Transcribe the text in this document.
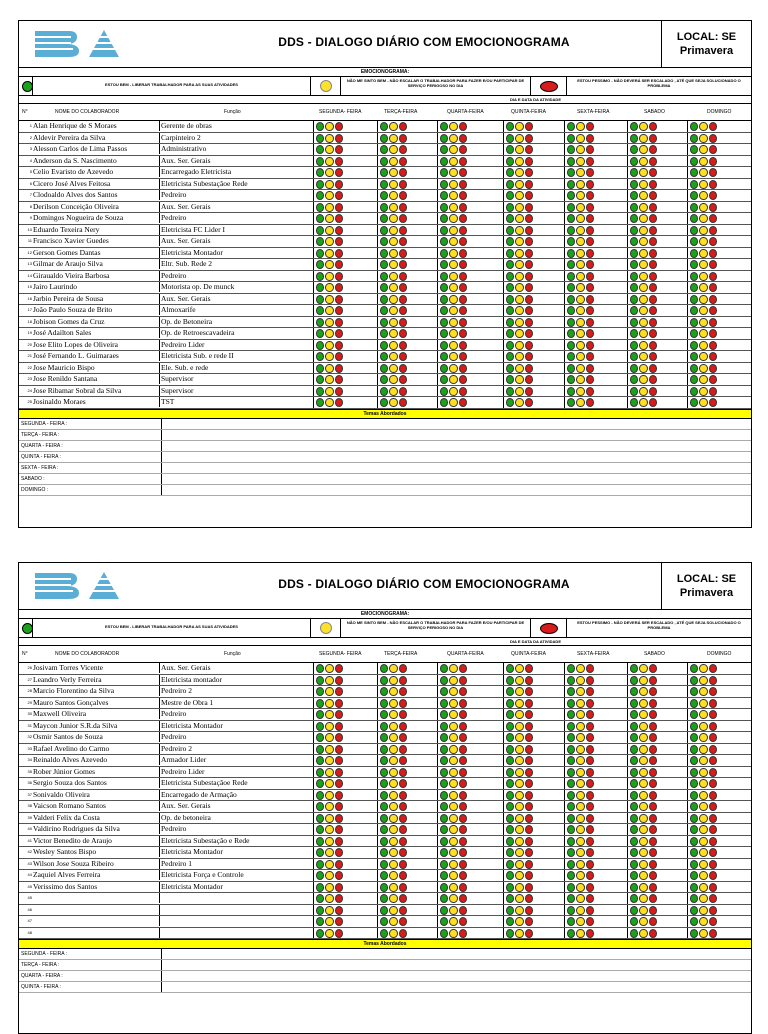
DDS - DIALOGO DIÁRIO COM EMOCIONOGRAMA	LOCAL: SE
Primavera
EMOCIONOGRAMA:
ESTOU BEM - LIBERAR TRABALHADOR PARA AS SUAS ATIVIDADES
NÃO ME SINTO BEM - NÃO ESCALAR O TRABALHADOR PARA FAZER E/OU PARTICIPAR DE SERVIÇO PERIGOSO NO DIA
ESTOU PESSIMO - NÃO DEVERÁ SER ESCALADO , ATÉ QUE SEJA SOLUCIONADO O PROBLEMA
DIA E DATA DA ATIVIDADE
N°	NOME DO COLABORADOR	Função	SEGUNDA- FEIRA	TERÇA-FEIRA	QUARTA-FEIRA	QUINTA-FEIRA	SEXTA-FEIRA	SABADO	DOMINGO
1 Alan Henrique de S Moraes	Gerente de obras
2 Aldevir Pereira da Silva	Carpinteiro 2
3 Alesson Carlos de Lima Passos	Administrativo
4 Anderson da S. Nascimento	Aux. Ser. Gerais
5 Celio Evaristo de Azevedo	Encarregado Eletricista
6 Cicero José Alves Feitosa	Eletricista Subestaçãoe Rede
7 Clodoaldo Alves dos Santos	Pedreiro
8 Derilson Conceição Oliveira	Aux. Ser. Gerais
9 Domingos Nogueira de Souza	Pedreiro
10 Eduardo Texeira Nery	Eletricista FC Lider I
11 Francisco Xavier Guedes	Aux. Ser. Gerais
12 Gerson Gomes Dantas	Eletricista Montador
13 Gilmar de Araujo Silva	Eltr. Sub. Rede 2
14 Giraualdo Vieira Barbosa	Pedreiro
15 Jairo Laurindo	Motorista op. De munck
16 Jarbio Pereira de Sousa	Aux. Ser. Gerais
17 João Paulo Souza de Brito	Almoxarife
18 Jobison Gomes da Cruz	Op. de Betoneira
19 José Adailton Sales	Op. de Retroescavadeira
20 Jose Elito Lopes de Oliveira	Pedreiro Lider
21 José Fernando L. Guimaraes	Eletricista Sub. e rede II
22 Jose Mauricio Bispo	Ele. Sub. e rede
23 Jose Renildo Santana	Supervisor
24 Jose Ribamar Sobral da Silva	Supervisor
25 Josinaldo Moraes	TST
Temas Abordados
SEGUNDA - FEIRA :
TERÇA - FEIRA :
QUARTA - FEIRA :
QUINTA - FEIRA :
SEXTA - FEIRA :
SABADO :
DOMINGO :
DDS - DIALOGO DIÁRIO COM EMOCIONOGRAMA	LOCAL: SE
Primavera
EMOCIONOGRAMA:
ESTOU BEM - LIBERAR TRABALHADOR PARA AS SUAS ATIVIDADES
NÃO ME SINTO BEM - NÃO ESCALAR O TRABALHADOR PARA FAZER E/OU PARTICIPAR DE SERVIÇO PERIGOSO NO DIA
ESTOU PESSIMO - NÃO DEVERÁ SER ESCALADO , ATÉ QUE SEJA SOLUCIONADO O PROBLEMA
DIA E DATA DA ATIVIDADE
N°	NOME DO COLABORADOR	Função	SEGUNDA- FEIRA	TERÇA-FEIRA	QUARTA-FEIRA	QUINTA-FEIRA	SEXTA-FEIRA	SABADO	DOMINGO
26 Josivam Torres Vicente	Aux. Ser. Gerais
27 Leandro Verly Ferreira	Eletricista montador
28 Marcio Florentino da Silva	Pedreiro 2
29 Mauro Santos Gonçalves	Mestre de Obra 1
30 Maxwell Oliveira	Pedreiro
31 Maycon Junior S.R.da Silva	Eletricista Montador
32 Osmir Santos de Souza	Pedreiro
33 Rafael Avelino do Carmo	Pedreiro 2
34 Reinaldo Alves Azevedo	Armador Lider
35 Rober Júnior Gomes	Pedreiro Lider
36 Sergio Souza dos Santos	Eletricista Subestaçãoe Rede
37 Sonivaldo Oliveira	Encarregado de Armação
38 Vaicson Romano Santos	Aux. Ser. Gerais
39 Valderi Felix da Costa	Op. de betoneira
40 Valdirino Rodrigues da Silva	Pedreiro
41 Victor Benedito de Araujo	Eletricista Subestação e Rede
42 Wesley Santos Bispo	Eletricista Montador
43 Wilson Jose Souza Ribeiro	Pedreiro 1
44 Zaquiel Alves Ferreira	Eletricista Força e Controle
45 Verissimo dos Santos	Eletricista Montador
45
46
47
48
Temas Abordados
SEGUNDA - FEIRA :
TERÇA - FEIRA :
QUARTA - FEIRA :
QUINTA - FEIRA :
